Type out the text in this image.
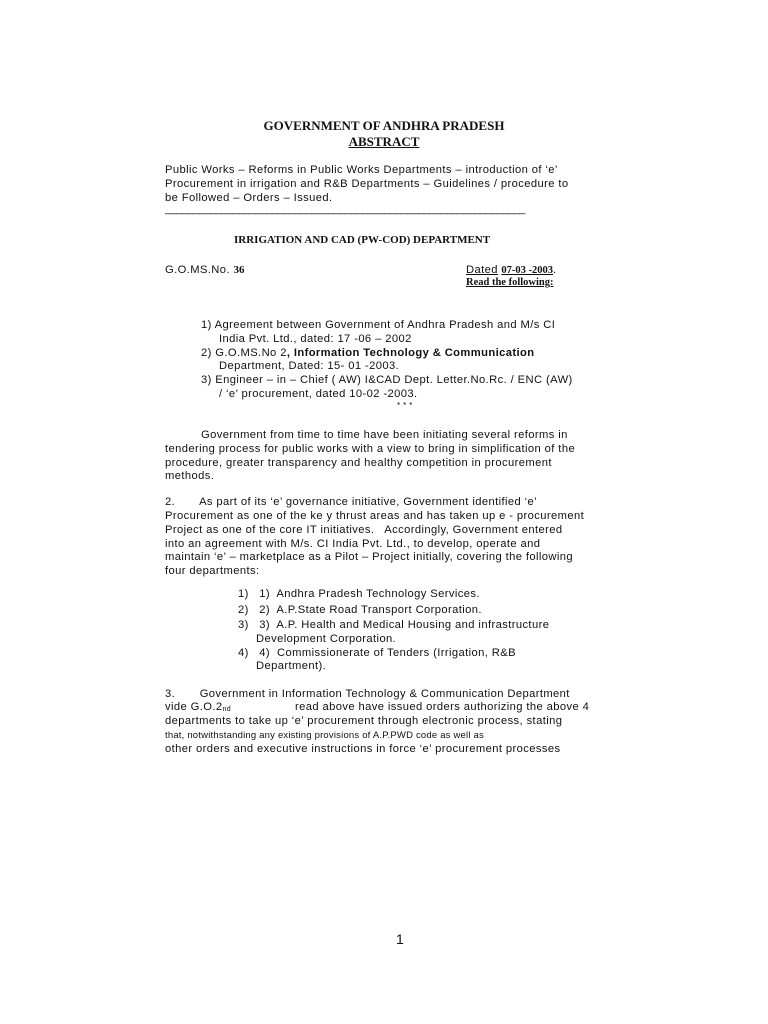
GOVERNMENT OF ANDHRA PRADESH
ABSTRACT
Public Works – Reforms in Public Works Departments – introduction of ‘e’
Procurement in irrigation and R&B Departments – Guidelines / procedure to
be Followed – Orders – Issued.
________________________________________________________________
IRRIGATION AND CAD (PW-COD) DEPARTMENT
G.O.MS.No. 36	Dated 07-03 -2003.
Read the following:
1) Agreement between Government of Andhra Pradesh and M/s CI
India Pvt. Ltd., dated: 17 -06 – 2002
2) G.O.MS.No 2, Information Technology & Communication
Department, Dated: 15- 01 -2003.
3) Engineer – in – Chief ( AW) I&CAD Dept. Letter.No.Rc. / ENC (AW)
/ ‘e’ procurement, dated 10-02 -2003.
* * *
Government from time to time have been initiating several reforms in
tendering process for public works with a view to bring in simplification of the
procedure, greater transparency and healthy competition in procurement
methods.
2.       As part of its ‘e’ governance initiative, Government identified ‘e’
Procurement as one of the ke y thrust areas and has taken up e - procurement
Project as one of the core IT initiatives.   Accordingly, Government entered
into an agreement with M/s. CI India Pvt. Ltd., to develop, operate and
maintain ‘e’ – marketplace as a Pilot – Project initially, covering the following
four departments:
1)   1)  Andhra Pradesh Technology Services.
2)   2)  A.P.State Road Transport Corporation.
3)   3)  A.P. Health and Medical Housing and infrastructure
Development Corporation.
4)   4)  Commissionerate of Tenders (Irrigation, R&B
Department).
3.       Government in Information Technology & Communication Department
vide G.O.2nd	read above have issued orders authorizing the above 4
departments to take up ‘e’ procurement through electronic process, stating
that, notwithstanding any existing provisions of A.P.PWD code as well as
other orders and executive instructions in force ‘e’ procurement processes
1
